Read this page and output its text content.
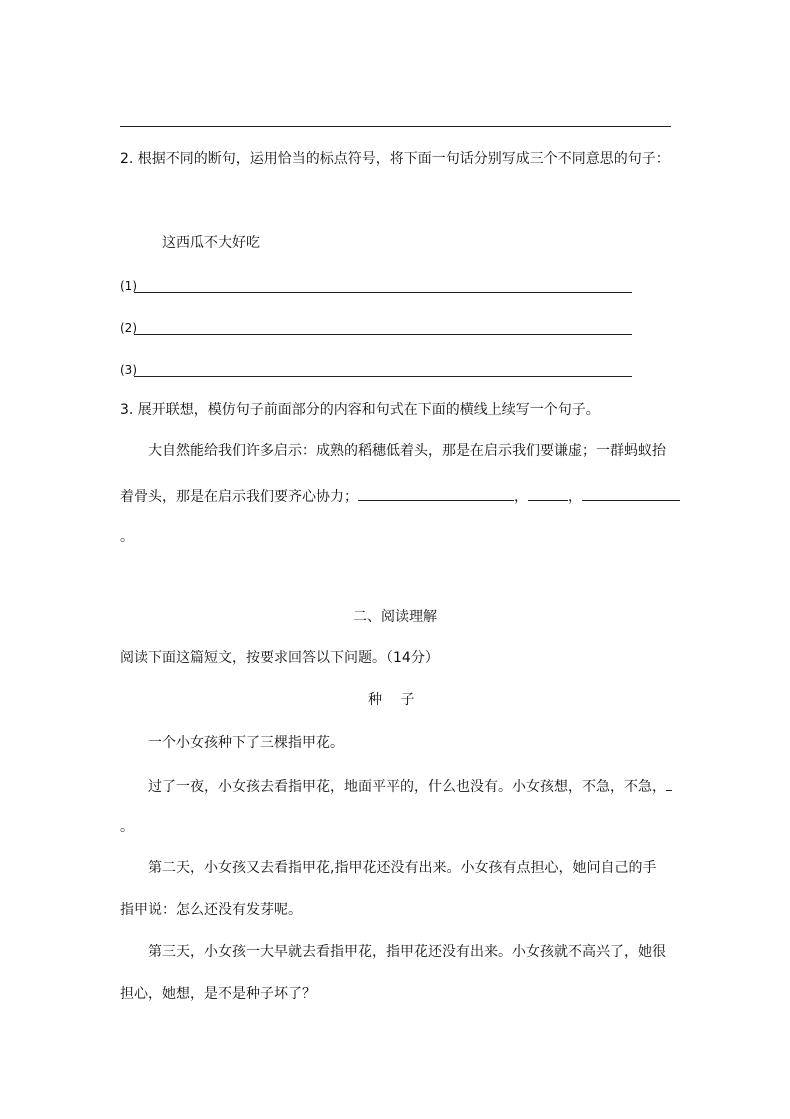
2. 根据不同的断句，运用恰当的标点符号，将下面一句话分别写成三个不同意思的句子：
这西瓜不大好吃
(1)
(2)
(3)
3. 展开联想，模仿句子前面部分的内容和句式在下面的横线上续写一个句子。
大自然能给我们许多启示：成熟的稻穗低着头，那是在启示我们要谦虚；一群蚂蚁抬
着骨头，那是在启示我们要齐心协力；	，	，
。
二、阅读理解
阅读下面这篇短文，按要求回答以下问题。（14分）
种　 子
一个小女孩种下了三棵指甲花。
过了一夜，小女孩去看指甲花，地面平平的，什么也没有。小女孩想，不急，不急，
。
第二天，小女孩又去看指甲花,指甲花还没有出来。小女孩有点担心，她问自己的手
指甲说：怎么还没有发芽呢。
第三天，小女孩一大早就去看指甲花，指甲花还没有出来。小女孩就不高兴了，她很
担心，她想，是不是种子坏了？
